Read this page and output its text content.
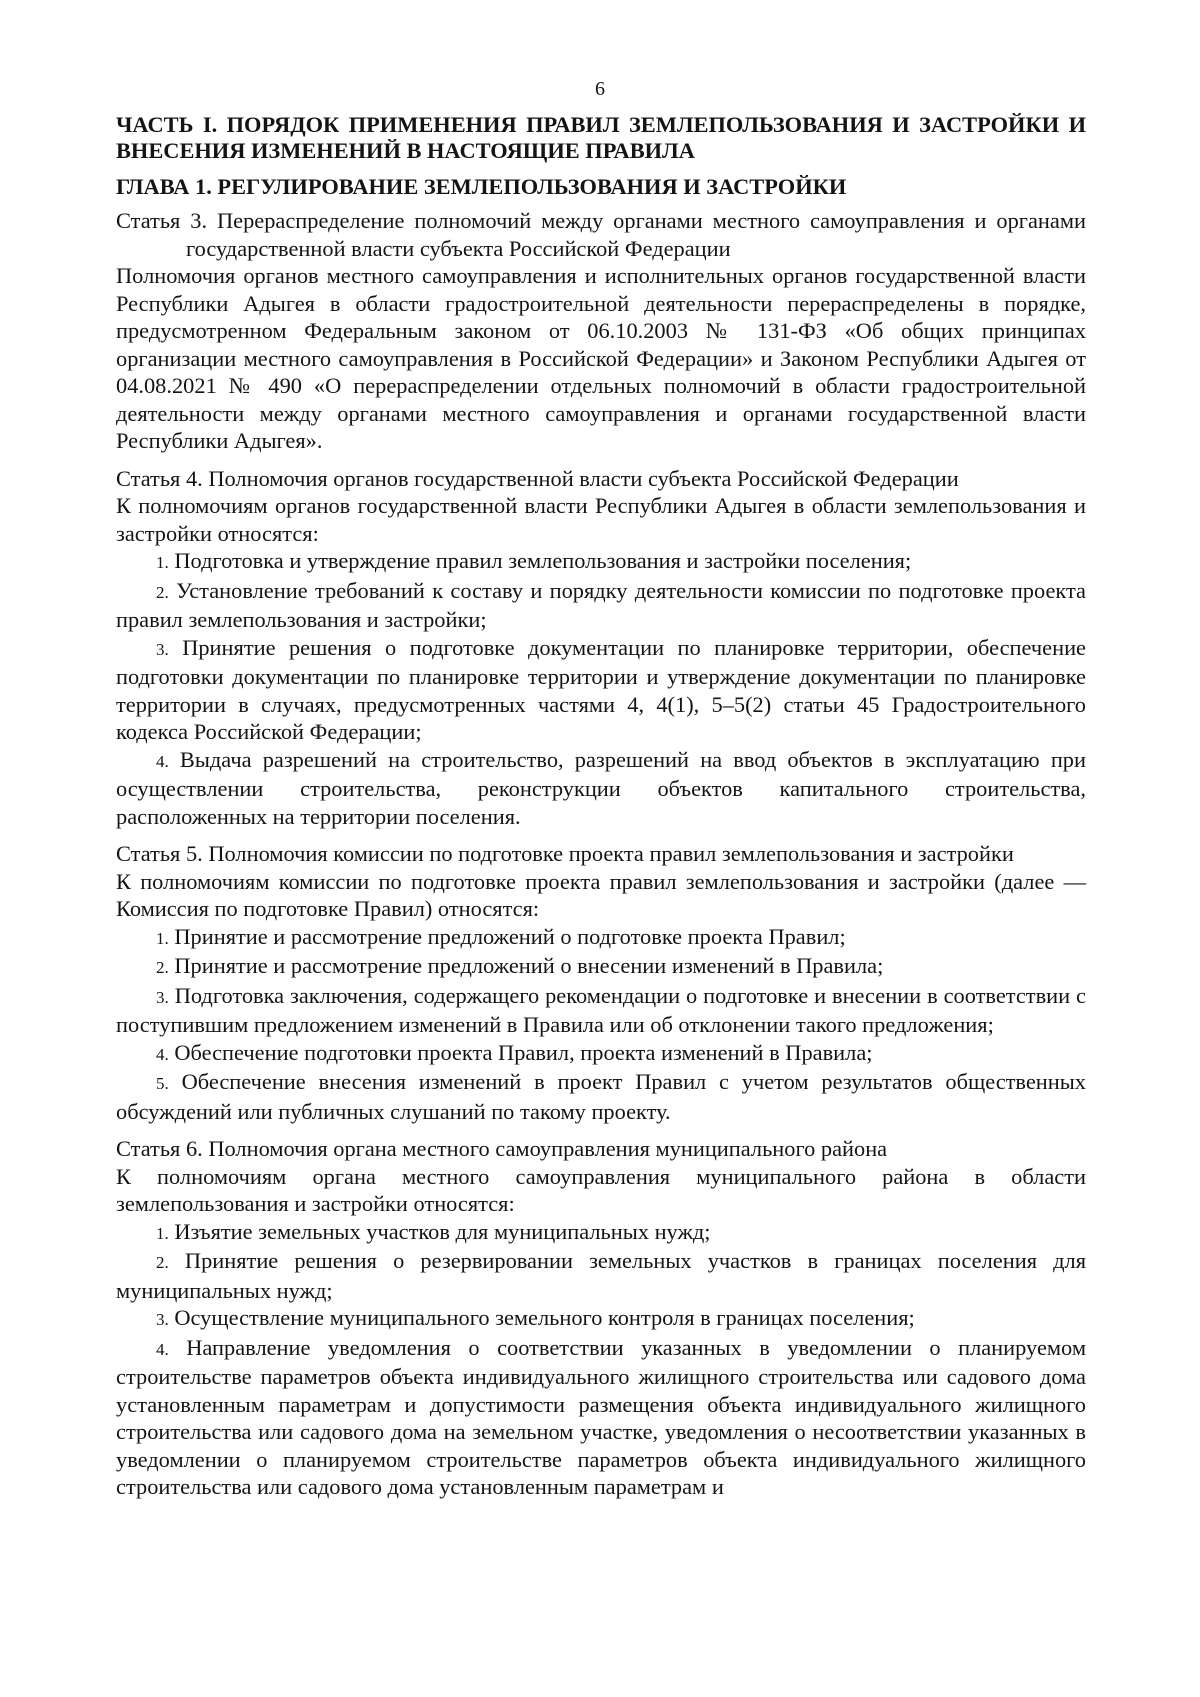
6

ЧАСТЬ I. ПОРЯДОК ПРИМЕНЕНИЯ ПРАВИЛ ЗЕМЛЕПОЛЬЗОВАНИЯ И ЗАСТРОЙКИ И ВНЕСЕНИЯ ИЗМЕНЕНИЙ В НАСТОЯЩИЕ ПРАВИЛА

ГЛАВА 1. РЕГУЛИРОВАНИЕ ЗЕМЛЕПОЛЬЗОВАНИЯ И ЗАСТРОЙКИ

Статья 3. Перераспределение полномочий между органами местного самоуправления и органами государственной власти субъекта Российской Федерации

Полномочия органов местного самоуправления и исполнительных органов государственной власти Республики Адыгея в области градостроительной деятельности перераспределены в порядке, предусмотренном Федеральным законом от 06.10.2003 № 131-ФЗ «Об общих принципах организации местного самоуправления в Российской Федерации» и Законом Республики Адыгея от 04.08.2021 № 490 «О перераспределении отдельных полномочий в области градостроительной деятельности между органами местного самоуправления и органами государственной власти Республики Адыгея».

Статья 4. Полномочия органов государственной власти субъекта Российской Федерации

К полномочиям органов государственной власти Республики Адыгея в области землепользования и застройки относятся:

1. Подготовка и утверждение правил землепользования и застройки поселения;

2. Установление требований к составу и порядку деятельности комиссии по подготовке проекта правил землепользования и застройки;

3. Принятие решения о подготовке документации по планировке территории, обеспечение подготовки документации по планировке территории и утверждение документации по планировке территории в случаях, предусмотренных частями 4, 4(1), 5–5(2) статьи 45 Градостроительного кодекса Российской Федерации;

4. Выдача разрешений на строительство, разрешений на ввод объектов в эксплуатацию при осуществлении строительства, реконструкции объектов капитального строительства, расположенных на территории поселения.

Статья 5. Полномочия комиссии по подготовке проекта правил землепользования и застройки

К полномочиям комиссии по подготовке проекта правил землепользования и застройки (далее — Комиссия по подготовке Правил) относятся:

1. Принятие и рассмотрение предложений о подготовке проекта Правил;

2. Принятие и рассмотрение предложений о внесении изменений в Правила;

3. Подготовка заключения, содержащего рекомендации о подготовке и внесении в соответствии с поступившим предложением изменений в Правила или об отклонении такого предложения;

4. Обеспечение подготовки проекта Правил, проекта изменений в Правила;

5. Обеспечение внесения изменений в проект Правил с учетом результатов общественных обсуждений или публичных слушаний по такому проекту.

Статья 6. Полномочия органа местного самоуправления муниципального района

К полномочиям органа местного самоуправления муниципального района в области землепользования и застройки относятся:

1. Изъятие земельных участков для муниципальных нужд;

2. Принятие решения о резервировании земельных участков в границах поселения для муниципальных нужд;

3. Осуществление муниципального земельного контроля в границах поселения;

4. Направление уведомления о соответствии указанных в уведомлении о планируемом строительстве параметров объекта индивидуального жилищного строительства или садового дома установленным параметрам и допустимости размещения объекта индивидуального жилищного строительства или садового дома на земельном участке, уведомления о несоответствии указанных в уведомлении о планируемом строительстве параметров объекта индивидуального жилищного строительства или садового дома установленным параметрам и
